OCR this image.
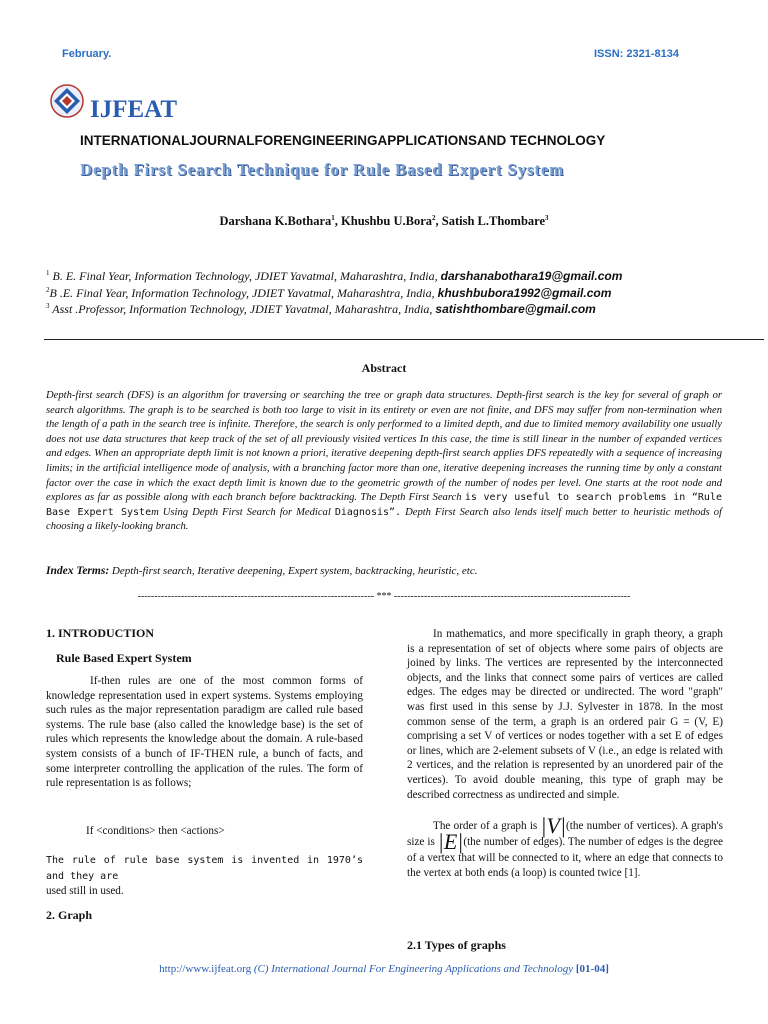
February.	ISSN: 2321-8134
IJFEAT
INTERNATIONALJOURNALFORENGINEERINGAPPLICATIONSAND TECHNOLOGY
Depth First Search Technique for Rule Based Expert System
Darshana K.Bothara$^1$, Khushbu U.Bora$^2$, Satish L.Thombare$^3$
$^1$ B. E. Final Year, Information Technology, JDIET Yavatmal, Maharashtra, India, darshanabothara19@gmail.com
$^2$B .E. Final Year, Information Technology, JDIET Yavatmal, Maharashtra, India, khushbubora1992@gmail.com
$^3$ Asst .Professor, Information Technology, JDIET Yavatmal, Maharashtra, India, satishthombare@gmail.com
Abstract
Depth-first search (DFS) is an algorithm for traversing or searching the tree or graph data structures. Depth-first search is the key for several of graph or search algorithms. The graph is to be searched is both too large to visit in its entirety or even are not finite, and DFS may suffer from non-termination when the length of a path in the search tree is infinite. Therefore, the search is only performed to a limited depth, and due to limited memory availability one usually does not use data structures that keep track of the set of all previously visited vertices In this case, the time is still linear in the number of expanded vertices and edges. When an appropriate depth limit is not known a priori, iterative deepening depth-first search applies DFS repeatedly with a sequence of increasing limits; in the artificial intelligence mode of analysis, with a branching factor more than one, iterative deepening increases the running time by only a constant factor over the case in which the exact depth limit is known due to the geometric growth of the number of nodes per level. One starts at the root node and explores as far as possible along with each branch before backtracking. The Depth First Search is very useful to search problems in “Rule Base Expert System Using Depth First Search for Medical Diagnosis”. Depth First Search also lends itself much better to heuristic methods of choosing a likely-looking branch.
Index Terms: Depth-first search, Iterative deepening, Expert system, backtracking, heuristic, etc.
----------------------------------------------------------------------- *** -----------------------------------------------------------------------
1. INTRODUCTION
Rule Based Expert System
If-then rules are one of the most common forms of knowledge representation used in expert systems. Systems employing such rules as the major representation paradigm are called rule based systems. The rule base (also called the knowledge base) is the set of rules which represents the knowledge about the domain. A rule-based system consists of a bunch of IF-THEN rule, a bunch of facts, and some interpreter controlling the application of the rules. The form of rule representation is as follows;
If <conditions> then <actions>
The rule of rule base system is invented in 1970’s and they are
used still in used.
2. Graph
In mathematics, and more specifically in graph theory, a graph is a representation of set of objects where some pairs of objects are joined by links. The vertices are represented by the interconnected objects, and the links that connect some pairs of vertices are called edges. The edges may be directed or undirected. The word "graph" was first used in this sense by J.J. Sylvester in 1878. In the most common sense of the term, a graph is an ordered pair G = (V, E) comprising a set V of vertices or nodes together with a set E of edges or lines, which are 2-element subsets of V (i.e., an edge is related with 2 vertices, and the relation is represented by an unordered pair of the vertices). To avoid double meaning, this type of graph may be described correctness as undirected and simple.
The order of a graph is |V|(the number of vertices). A graph's size is |E|(the number of edges). The number of edges is the degree of a vertex that will be connected to it, where an edge that connects to the vertex at both ends (a loop) is counted twice [1].
2.1 Types of graphs
http://www.ijfeat.org (C) International Journal For Engineering Applications and Technology [01-04]
